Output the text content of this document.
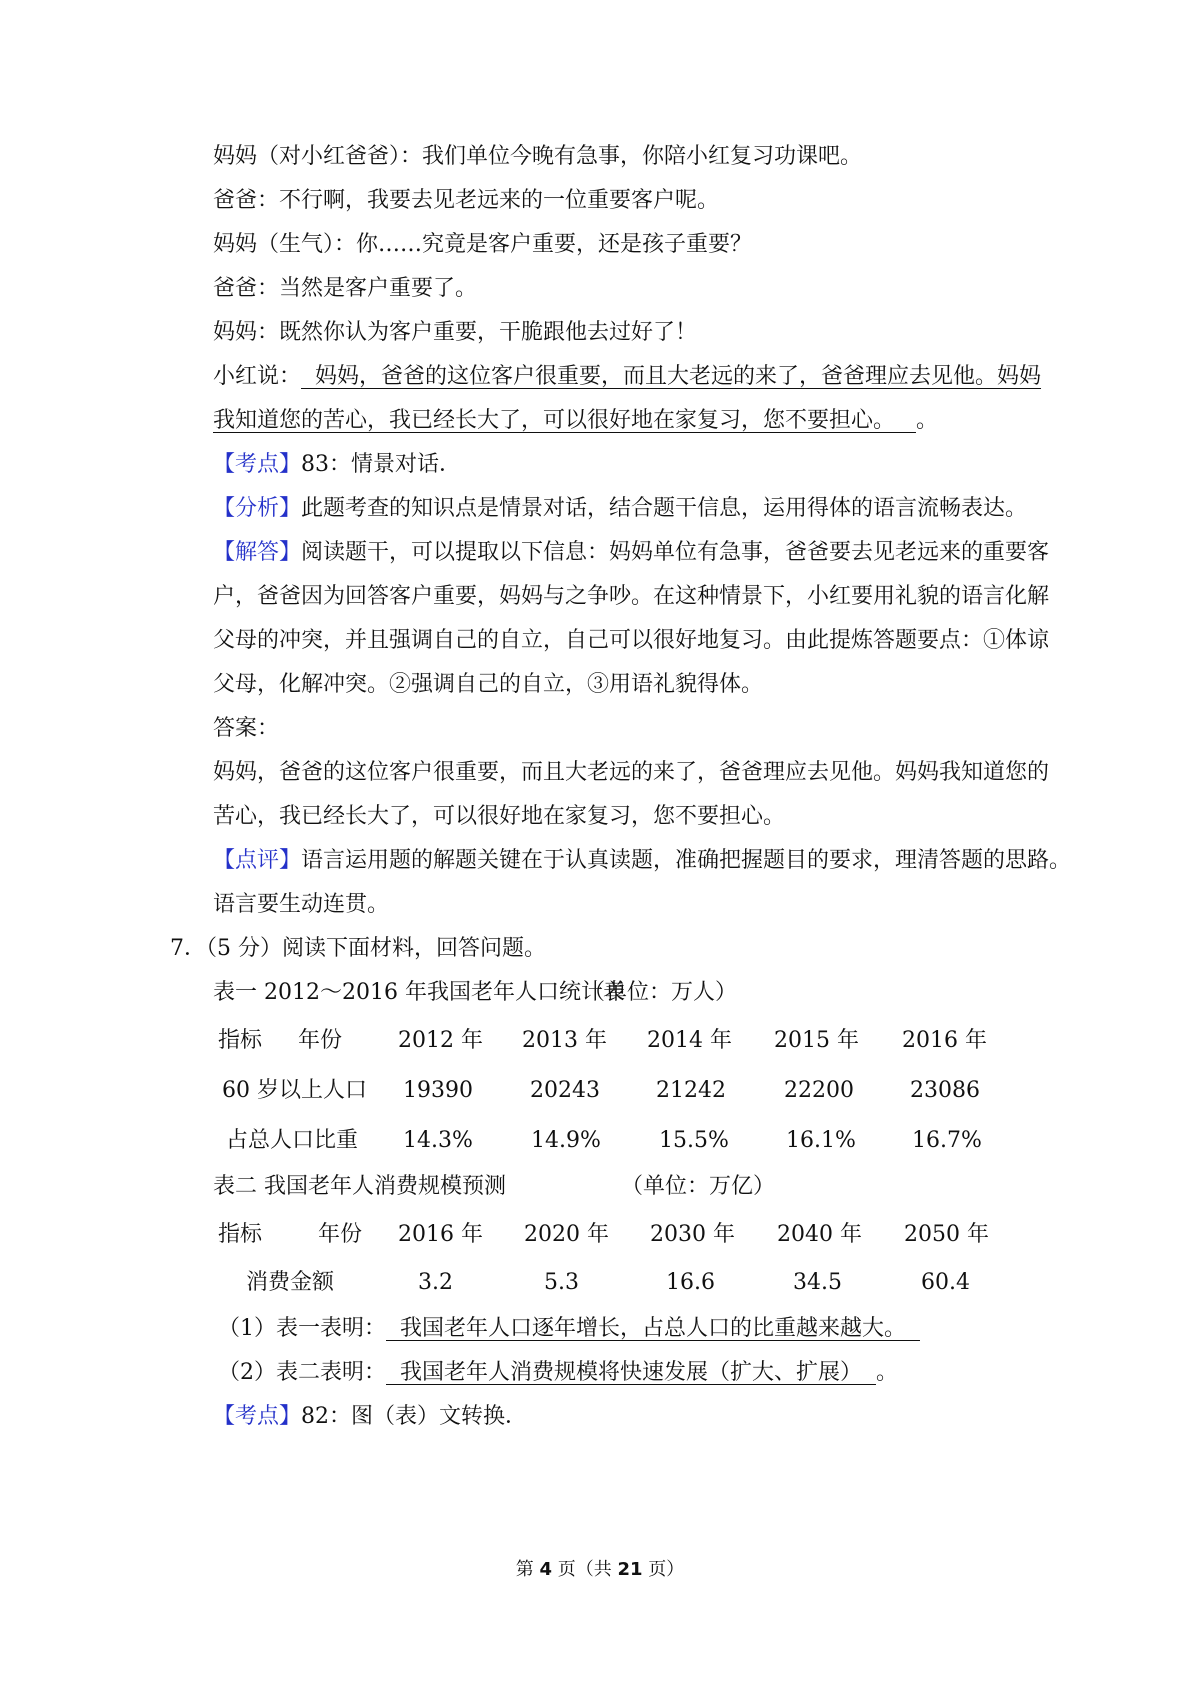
妈妈（对小红爸爸）：我们单位今晚有急事，你陪小红复习功课吧。
爸爸：不行啊，我要去见老远来的一位重要客户呢。
妈妈（生气）：你……究竟是客户重要，还是孩子重要？
爸爸：当然是客户重要了。
妈妈：既然你认为客户重要，干脆跟他去过好了！
小红说：  妈妈，爸爸的这位客户很重要，而且大老远的来了，爸爸理应去见他。妈妈
我知道您的苦心，我已经长大了，可以很好地在家复习，您不要担心。   。
【考点】83：情景对话．
【分析】此题考查的知识点是情景对话，结合题干信息，运用得体的语言流畅表达。
【解答】阅读题干，可以提取以下信息：妈妈单位有急事，爸爸要去见老远来的重要客
户，爸爸因为回答客户重要，妈妈与之争吵。在这种情景下，小红要用礼貌的语言化解
父母的冲突，并且强调自己的自立，自己可以很好地复习。由此提炼答题要点：①体谅
父母，化解冲突。②强调自己的自立，③用语礼貌得体。
答案：
妈妈，爸爸的这位客户很重要，而且大老远的来了，爸爸理应去见他。妈妈我知道您的
苦心，我已经长大了，可以很好地在家复习，您不要担心。
【点评】语言运用题的解题关键在于认真读题，准确把握题目的要求，理清答题的思路。
语言要生动连贯。
7．（5 分）阅读下面材料，回答问题。
表一 2012～2016 年我国老年人口统计表
（单位：万人）
指标 年份	2012 年 2013 年 2014 年 2015 年 2016 年
60 岁以上人口 19390	20243	21242	22200	23086
占总人口比重 14.3%	14.9%	15.5%	16.1%	16.7%
表二 我国老年人消费规模预测	（单位：万亿）
指标	年份 2016 年 2020 年 2030 年 2040 年 2050 年
消费金额	3.2	5.3	16.6	34.5	60.4
（1）表一表明：  我国老年人口逐年增长，占总人口的比重越来越大。
（2）表二表明：  我国老年人消费规模将快速发展（扩大、扩展）  。
【考点】82：图（表）文转换．
第 4 页（共 21 页）
